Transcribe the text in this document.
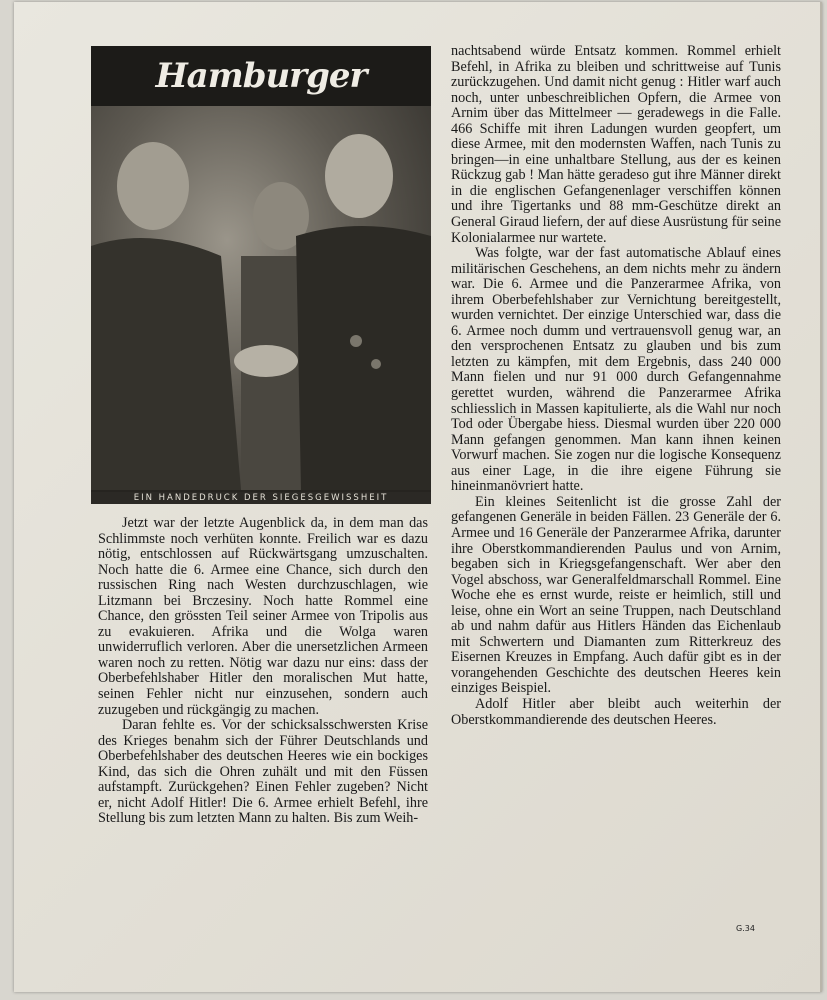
Hamburger
EIN HANDEDRUCK DER SIEGESGEWISSHEIT

Jetzt war der letzte Augenblick da, in dem man das Schlimmste noch verhüten konnte. Freilich war es dazu nötig, entschlossen auf Rückwärtsgang umzuschalten. Noch hatte die 6. Armee eine Chance, sich durch den russischen Ring nach Westen durchzuschlagen, wie Litzmann bei Brczesiny. Noch hatte Rommel eine Chance, den grössten Teil seiner Armee von Tripolis aus zu evakuieren. Afrika und die Wolga waren unwiderruflich verloren. Aber die unersetzlichen Armeen waren noch zu retten. Nötig war dazu nur eins: dass der Oberbefehlshaber Hitler den moralischen Mut hatte, seinen Fehler nicht nur einzusehen, sondern auch zuzugeben und rückgängig zu machen.

Daran fehlte es. Vor der schicksalsschwersten Krise des Krieges benahm sich der Führer Deutschlands und Oberbefehlshaber des deutschen Heeres wie ein bockiges Kind, das sich die Ohren zuhält und mit den Füssen aufstampft. Zurückgehen? Einen Fehler zugeben? Nicht er, nicht Adolf Hitler! Die 6. Armee erhielt Befehl, ihre Stellung bis zum letzten Mann zu halten. Bis zum Weih-

nachtsabend würde Entsatz kommen. Rommel erhielt Befehl, in Afrika zu bleiben und schrittweise auf Tunis zurückzugehen. Und damit nicht genug : Hitler warf auch noch, unter unbeschreiblichen Opfern, die Armee von Arnim über das Mittelmeer — geradewegs in die Falle. 466 Schiffe mit ihren Ladungen wurden geopfert, um diese Armee, mit den modernsten Waffen, nach Tunis zu bringen—in eine unhaltbare Stellung, aus der es keinen Rückzug gab ! Man hätte geradeso gut ihre Männer direkt in die englischen Gefangenenlager verschiffen können und ihre Tigertanks und 88 mm-Geschütze direkt an General Giraud liefern, der auf diese Ausrüstung für seine Kolonialarmee nur wartete.

Was folgte, war der fast automatische Ablauf eines militärischen Geschehens, an dem nichts mehr zu ändern war. Die 6. Armee und die Panzerarmee Afrika, von ihrem Oberbefehlshaber zur Vernichtung bereitgestellt, wurden vernichtet. Der einzige Unterschied war, dass die 6. Armee noch dumm und vertrauensvoll genug war, an den versprochenen Entsatz zu glauben und bis zum letzten zu kämpfen, mit dem Ergebnis, dass 240 000 Mann fielen und nur 91 000 durch Gefangennahme gerettet wurden, während die Panzerarmee Afrika schliesslich in Massen kapitulierte, als die Wahl nur noch Tod oder Übergabe hiess. Diesmal wurden über 220 000 Mann gefangen genommen. Man kann ihnen keinen Vorwurf machen. Sie zogen nur die logische Konsequenz aus einer Lage, in die ihre eigene Führung sie hineinmanövriert hatte.

Ein kleines Seitenlicht ist die grosse Zahl der gefangenen Generäle in beiden Fällen. 23 Generäle der 6. Armee und 16 Generäle der Panzerarmee Afrika, darunter ihre Oberstkommandierenden Paulus und von Arnim, begaben sich in Kriegsgefangenschaft. Wer aber den Vogel abschoss, war Generalfeldmarschall Rommel. Eine Woche ehe es ernst wurde, reiste er heimlich, still und leise, ohne ein Wort an seine Truppen, nach Deutschland ab und nahm dafür aus Hitlers Händen das Eichenlaub mit Schwertern und Diamanten zum Ritterkreuz des Eisernen Kreuzes in Empfang. Auch dafür gibt es in der vorangehenden Geschichte des deutschen Heeres kein einziges Beispiel.

Adolf Hitler aber bleibt auch weiterhin der Oberstkommandierende des deutschen Heeres.

G.34
